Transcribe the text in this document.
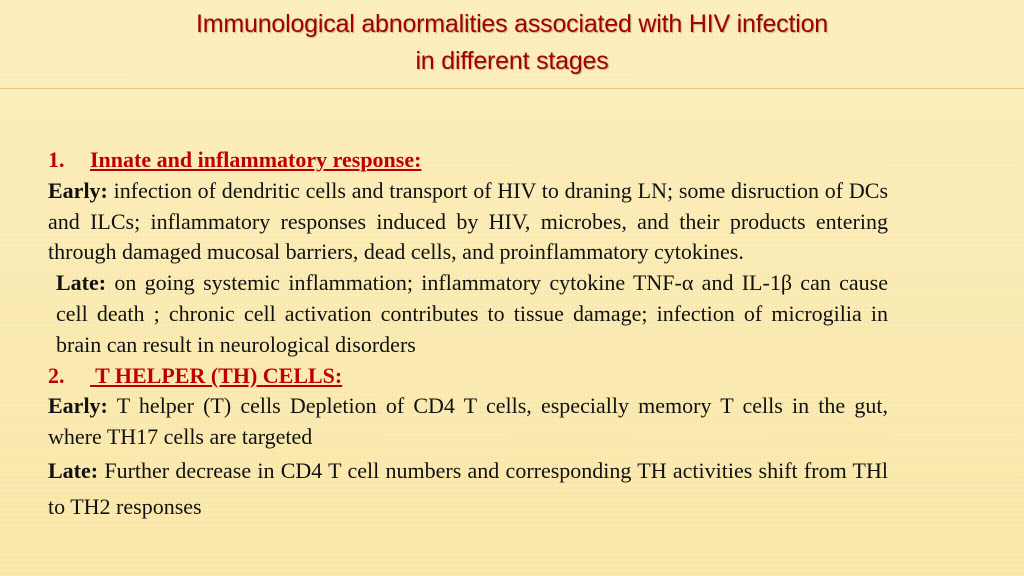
Immunological abnormalities associated with HIV infection
in different stages

1. Innate and inflammatory response:

Early: infection of dendritic cells and transport of HIV to draning LN; some disruction of DCs and ILCs; inflammatory responses induced by HIV, microbes, and their products entering through damaged mucosal barriers, dead cells, and proinflammatory cytokines.

Late: on going systemic inflammation; inflammatory cytokine TNF-α and IL-1β can cause cell death ; chronic cell activation contributes to tissue damage; infection of microgilia in brain can result in neurological disorders

2. T HELPER (TH) CELLS:

Early: T helper (T) cells Depletion of CD4 T cells, especially memory T cells in the gut, where TH17 cells are targeted

Late: Further decrease in CD4 T cell numbers and corresponding TH activities shift from THl to TH2 responses
